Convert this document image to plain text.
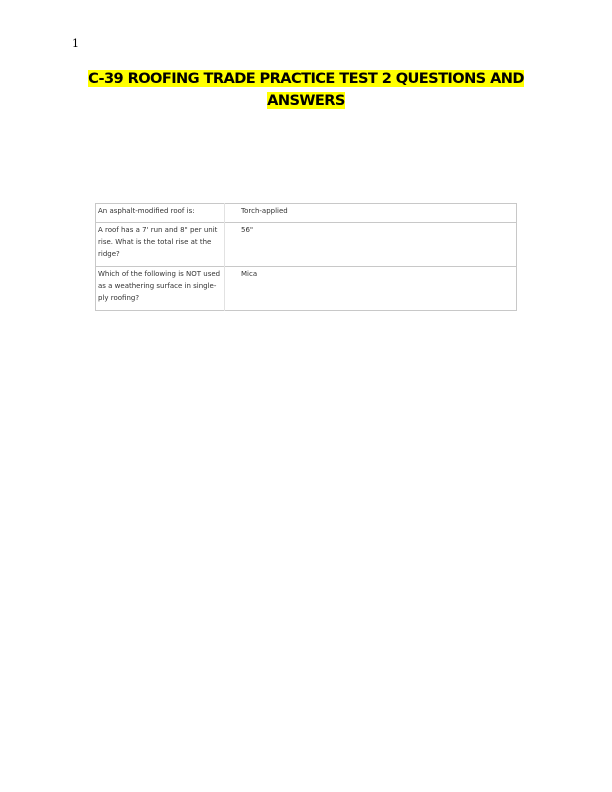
1
C-39 ROOFING TRADE PRACTICE TEST 2 QUESTIONS AND ANSWERS
An asphalt-modified roof is:	Torch-applied
A roof has a 7' run and 8" per unit rise. What is the total rise at the ridge?	56"
Which of the following is NOT used as a weathering surface in single-ply roofing?	Mica
